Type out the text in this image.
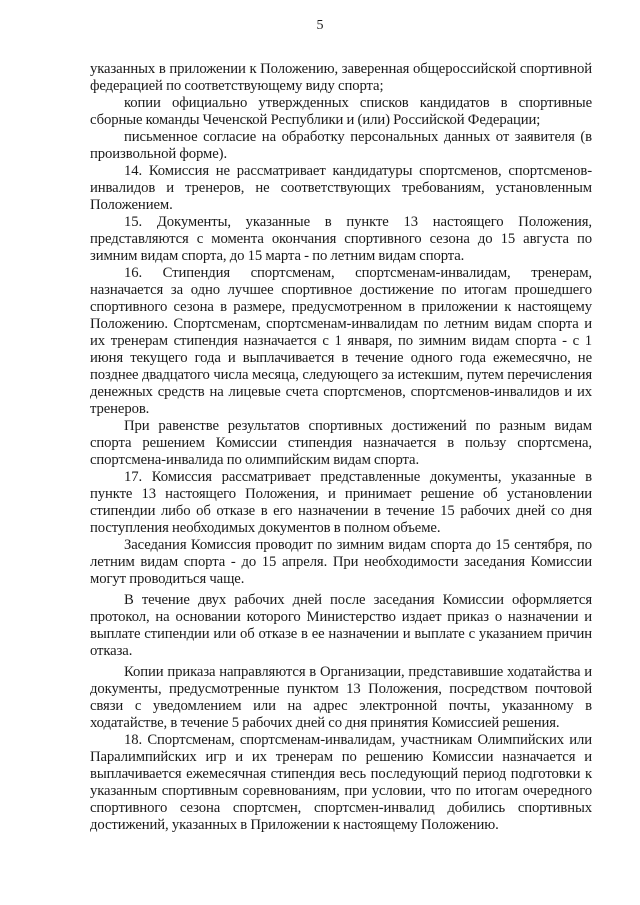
5

указанных в приложении к Положению, заверенная общероссийской спортивной федерацией по соответствующему виду спорта;

копии официально утвержденных списков кандидатов в спортивные сборные команды Чеченской Республики и (или) Российской Федерации;

письменное согласие на обработку персональных данных от заявителя (в произвольной форме).

14. Комиссия не рассматривает кандидатуры спортсменов, спортсменов-инвалидов и тренеров, не соответствующих требованиям, установленным Положением.

15. Документы, указанные в пункте 13 настоящего Положения, представляются с момента окончания спортивного сезона до 15 августа по зимним видам спорта, до 15 марта - по летним видам спорта.

16. Стипендия спортсменам, спортсменам-инвалидам, тренерам, назначается за одно лучшее спортивное достижение по итогам прошедшего спортивного сезона в размере, предусмотренном в приложении к настоящему Положению. Спортсменам, спортсменам-инвалидам по летним видам спорта и их тренерам стипендия назначается с 1 января, по зимним видам спорта - с 1 июня текущего года и выплачивается в течение одного года ежемесячно, не позднее двадцатого числа месяца, следующего за истекшим, путем перечисления денежных средств на лицевые счета спортсменов, спортсменов-инвалидов и их тренеров.

При равенстве результатов спортивных достижений по разным видам спорта решением Комиссии стипендия назначается в пользу спортсмена, спортсмена-инвалида по олимпийским видам спорта.

17. Комиссия рассматривает представленные документы, указанные в пункте 13 настоящего Положения, и принимает решение об установлении стипендии либо об отказе в его назначении в течение 15 рабочих дней со дня поступления необходимых документов в полном объеме.

Заседания Комиссия проводит по зимним видам спорта до 15 сентября, по летним видам спорта - до 15 апреля. При необходимости заседания Комиссии могут проводиться чаще.

В течение двух рабочих дней после заседания Комиссии оформляется протокол, на основании которого Министерство издает приказ о назначении и выплате стипендии или об отказе в ее назначении и выплате с указанием причин отказа.

Копии приказа направляются в Организации, представившие ходатайства и документы, предусмотренные пунктом 13 Положения, посредством почтовой связи с уведомлением или на адрес электронной почты, указанному в ходатайстве, в течение 5 рабочих дней со дня принятия Комиссией решения.

18. Спортсменам, спортсменам-инвалидам, участникам Олимпийских или Паралимпийских игр и их тренерам по решению Комиссии назначается и выплачивается ежемесячная стипендия весь последующий период подготовки к указанным спортивным соревнованиям, при условии, что по итогам очередного спортивного сезона спортсмен, спортсмен-инвалид добились спортивных достижений, указанных в Приложении к настоящему Положению.
